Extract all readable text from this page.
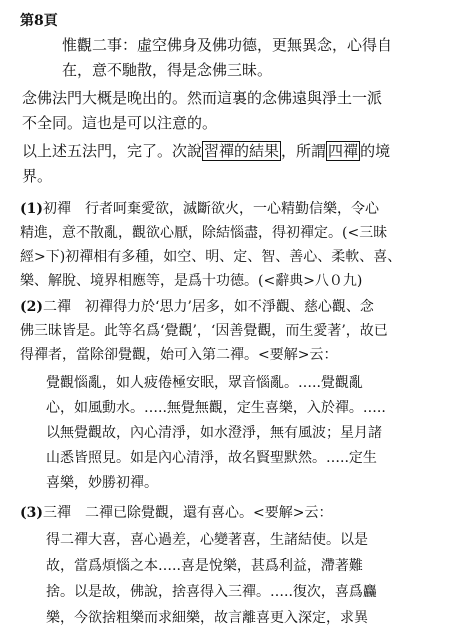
第8頁
惟觀二事：虛空佛身及佛功德，更無異念，心得自
在，意不馳散，得是念佛三昧。
念佛法門大概是晚出的。然而這裏的念佛遠與淨土一派
不全同。這也是可以注意的。
以上述五法門，完了。次說 習禪的結果 ，所謂 四禪 的境
界。
(1)初禪　行者呵棄愛欲，滅斷欲火，一心精勤信樂，令心
精進，意不散亂，觀欲心厭，除結惱盡，得初禪定。(<三昧
經>下)初禪相有多種，如空、明、定、智、善心、柔軟、喜、
樂、解脫、境界相應等，是爲十功德。(<辭典>八０九)
(2)二禪　初禪得力於‘思力’居多，如不淨觀、慈心觀、念
佛三昧皆是。此等名爲‘覺觀’，‘因善覺觀，而生愛著’，故已
得禪者，當除卻覺觀，始可入第二禪。<要解>云：
覺觀惱亂，如人疲倦極安眠，眾音惱亂。…..覺觀亂
心，如風動水。…..無覺無觀，定生喜樂，入於禪。…..
以無覺觀故，內心清淨，如水澄淨，無有風波；星月諸
山悉皆照見。如是內心清淨，故名賢聖默然。…..定生
喜樂，妙勝初禪。
(3)三禪　二禪已除覺觀，還有喜心。<要解>云：
得二禪大喜，喜心過差，心變著喜，生諸結使。以是
故，當爲煩惱之本…..喜是悅樂，甚爲利益，滯著難
捨。以是故，佛說，捨喜得入三禪。…..復次，喜爲麤
樂，今欲捨粗樂而求細樂，故言離喜更入深定，求異
